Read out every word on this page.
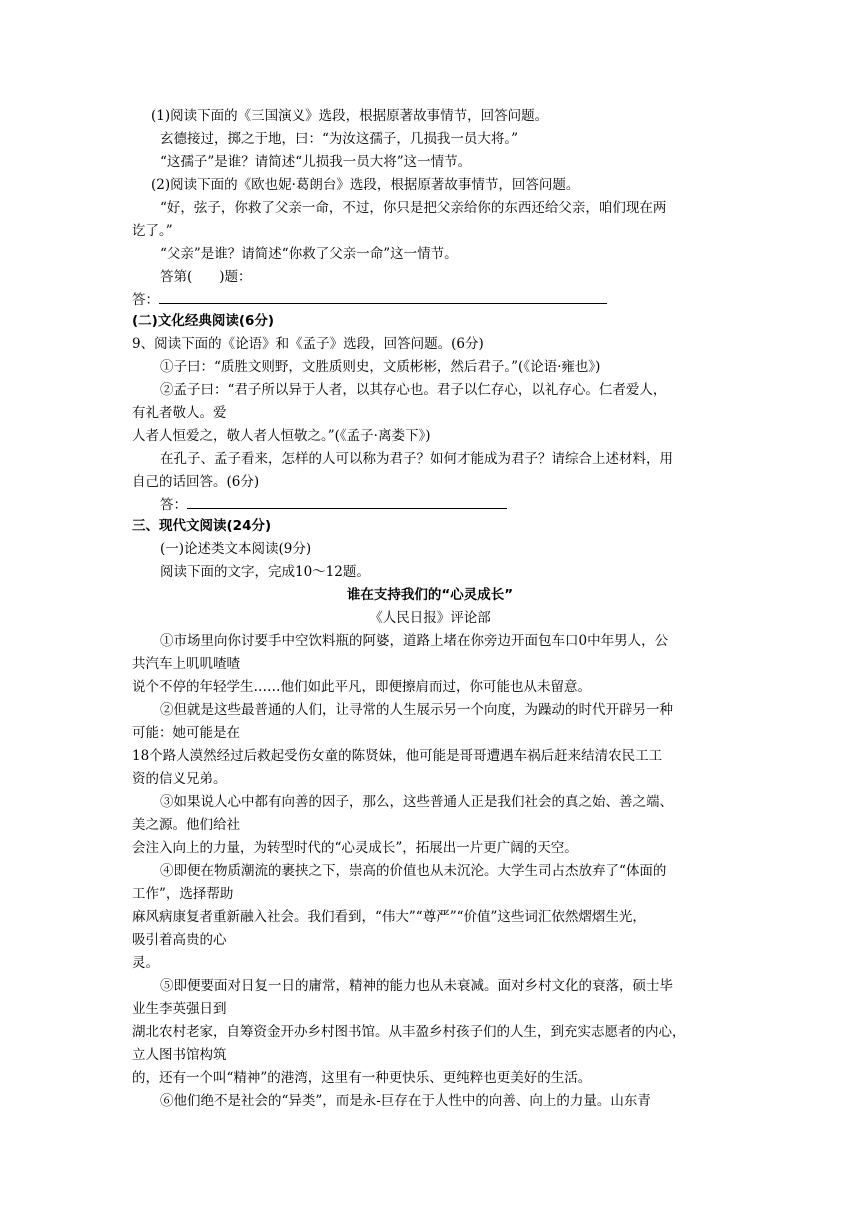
(1)阅读下面的《三国演义》选段，根据原著故事情节，回答问题。
玄德接过，掷之于地，曰：“为汝这孺子，几损我一员大将。”
“这孺子”是谁？请简述“儿损我一员大将”这一情节。
(2)阅读下面的《欧也妮·葛朗台》选段，根据原著故事情节，回答问题。
“好，弦子，你救了父亲一命，不过，你只是把父亲给你的东西还给父亲，咱们现在两
讫了。”
“父亲”是谁？请简述“你救了父亲一命”这一情节。
答第(　　)题：
答：
(二)文化经典阅读(6分)
9、阅读下面的《论语》和《孟子》选段，回答问题。(6分)
①子曰：“质胜文则野，文胜质则史，文质彬彬，然后君子。”(《论语·雍也》)
②孟子曰：“君子所以异于人者，以其存心也。君子以仁存心，以礼存心。仁者爱人，
有礼者敬人。爱
人者人恒爱之，敬人者人恒敬之。”(《孟子·离娄下》)
在孔子、孟子看来，怎样的人可以称为君子？如何才能成为君子？请综合上述材料，用
自己的话回答。(6分)
答：
三、现代文阅读(24分)
(一)论述类文本阅读(9分)
阅读下面的文字，完成10～12题。
谁在支持我们的“心灵成长”
《人民日报》评论部
①市场里向你讨要手中空饮料瓶的阿婆，道路上堵在你旁边开面包车口0中年男人，公
共汽车上叽叽喳喳
说个不停的年轻学生……他们如此平凡，即便擦肩而过，你可能也从未留意。
②但就是这些最普通的人们，让寻常的人生展示另一个向度，为躁动的时代开辟另一种
可能：她可能是在
18个路人漠然经过后救起受伤女童的陈贤妹，他可能是哥哥遭遇车祸后赶来结清农民工工
资的信义兄弟。
③如果说人心中都有向善的因子，那么，这些普通人正是我们社会的真之始、善之端、
美之源。他们给社
会注入向上的力量，为转型时代的“心灵成长”，拓展出一片更广阔的天空。
④即便在物质潮流的裹挟之下，崇高的价值也从未沉沦。大学生司占杰放弃了“体面的
工作”，选择帮助
麻风病康复者重新融入社会。我们看到，“伟大”“尊严”“价值”这些词汇依然熠熠生光，
吸引着高贵的心
灵。
⑤即便要面对日复一日的庸常，精神的能力也从未衰减。面对乡村文化的衰落，硕士毕
业生李英强日到
湖北农村老家，自筹资金开办乡村图书馆。从丰盈乡村孩子们的人生，到充实志愿者的内心，
立人图书馆构筑
的，还有一个叫“精神”的港湾，这里有一种更快乐、更纯粹也更美好的生活。
⑥他们绝不是社会的“异类”，而是永-巨存在于人性中的向善、向上的力量。山东青
